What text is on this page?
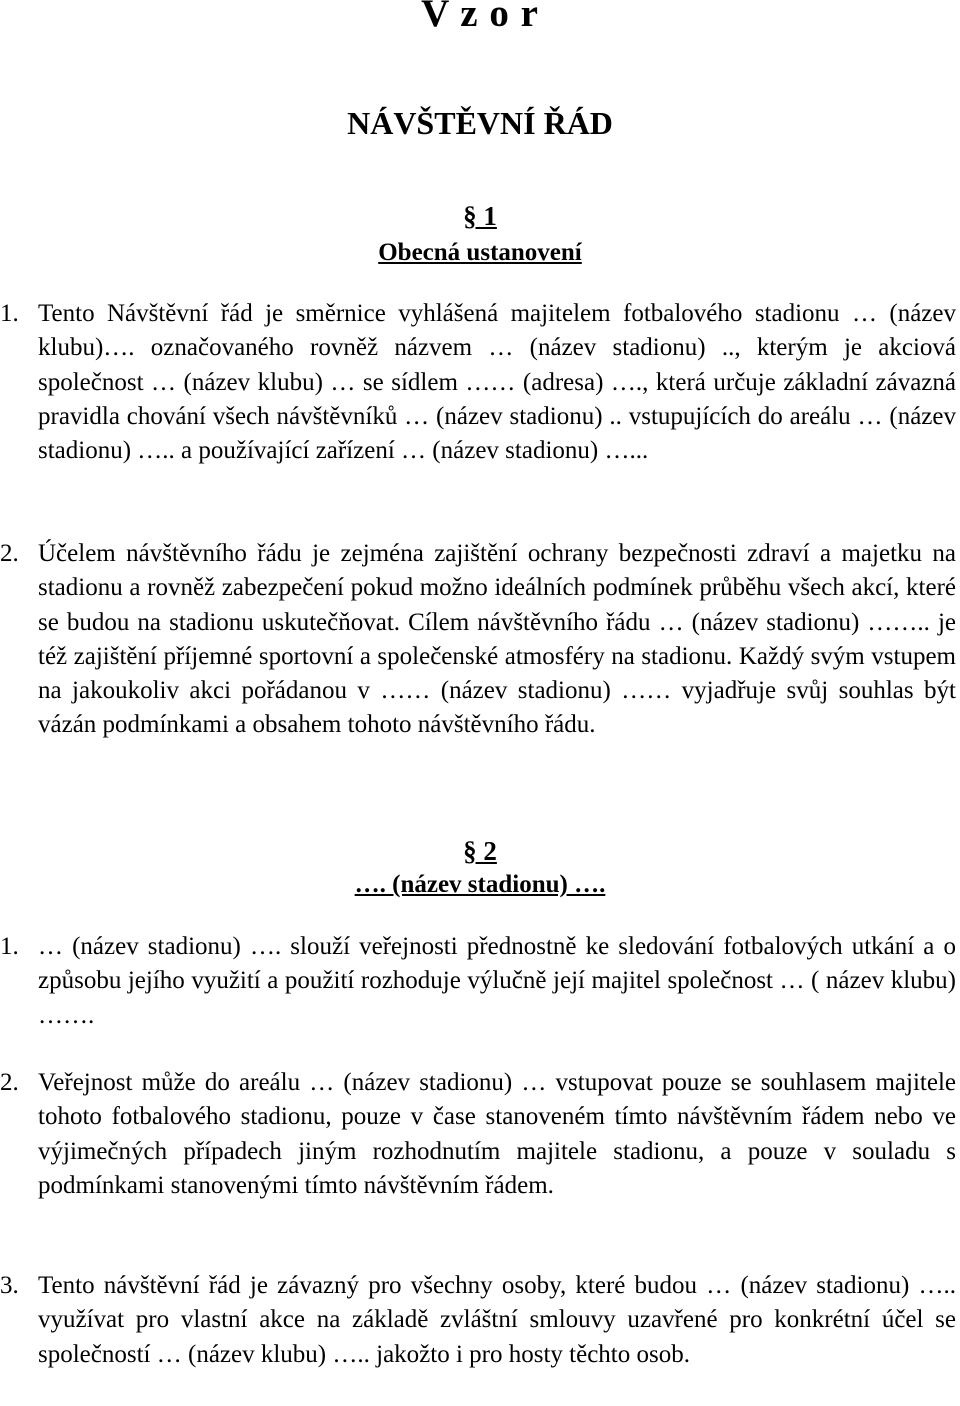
V z o r
NÁVŠTĚVNÍ ŘÁD
§ 1
Obecná ustanovení
1. Tento Návštěvní řád je směrnice vyhlášená majitelem fotbalového stadionu … (název klubu)…. označovaného rovněž názvem … (název stadionu) .., kterým je akciová společnost … (název klubu) … se sídlem …… (adresa) …., která určuje základní závazná pravidla chování všech návštěvníků … (název stadionu) .. vstupujících do areálu … (název stadionu) ….. a používající zařízení … (název stadionu) …...
2. Účelem návštěvního řádu je zejména zajištění ochrany bezpečnosti zdraví a majetku na stadionu a rovněž zabezpečení pokud možno ideálních podmínek průběhu všech akcí, které se budou na stadionu uskutečňovat. Cílem návštěvního řádu … (název stadionu) …….. je též zajištění příjemné sportovní a společenské atmosféry na stadionu. Každý svým vstupem na jakoukoliv akci pořádanou v …… (název stadionu) …… vyjadřuje svůj souhlas být vázán podmínkami a obsahem tohoto návštěvního řádu.
§ 2
…. (název stadionu) ….
1. … (název stadionu) …. slouží veřejnosti přednostně ke sledování fotbalových utkání a o způsobu jejího využití a použití rozhoduje výlučně její majitel společnost … ( název klubu) …….
2. Veřejnost může do areálu … (název stadionu) … vstupovat pouze se souhlasem majitele tohoto fotbalového stadionu, pouze v čase stanoveném tímto návštěvním řádem nebo ve výjimečných případech jiným rozhodnutím majitele stadionu, a pouze v souladu s podmínkami stanovenými tímto návštěvním řádem.
3. Tento návštěvní řád je závazný pro všechny osoby, které budou … (název stadionu) ….. využívat pro vlastní akce na základě zvláštní smlouvy uzavřené pro konkrétní účel se společností … (název klubu) ….. jakožto i pro hosty těchto osob.
